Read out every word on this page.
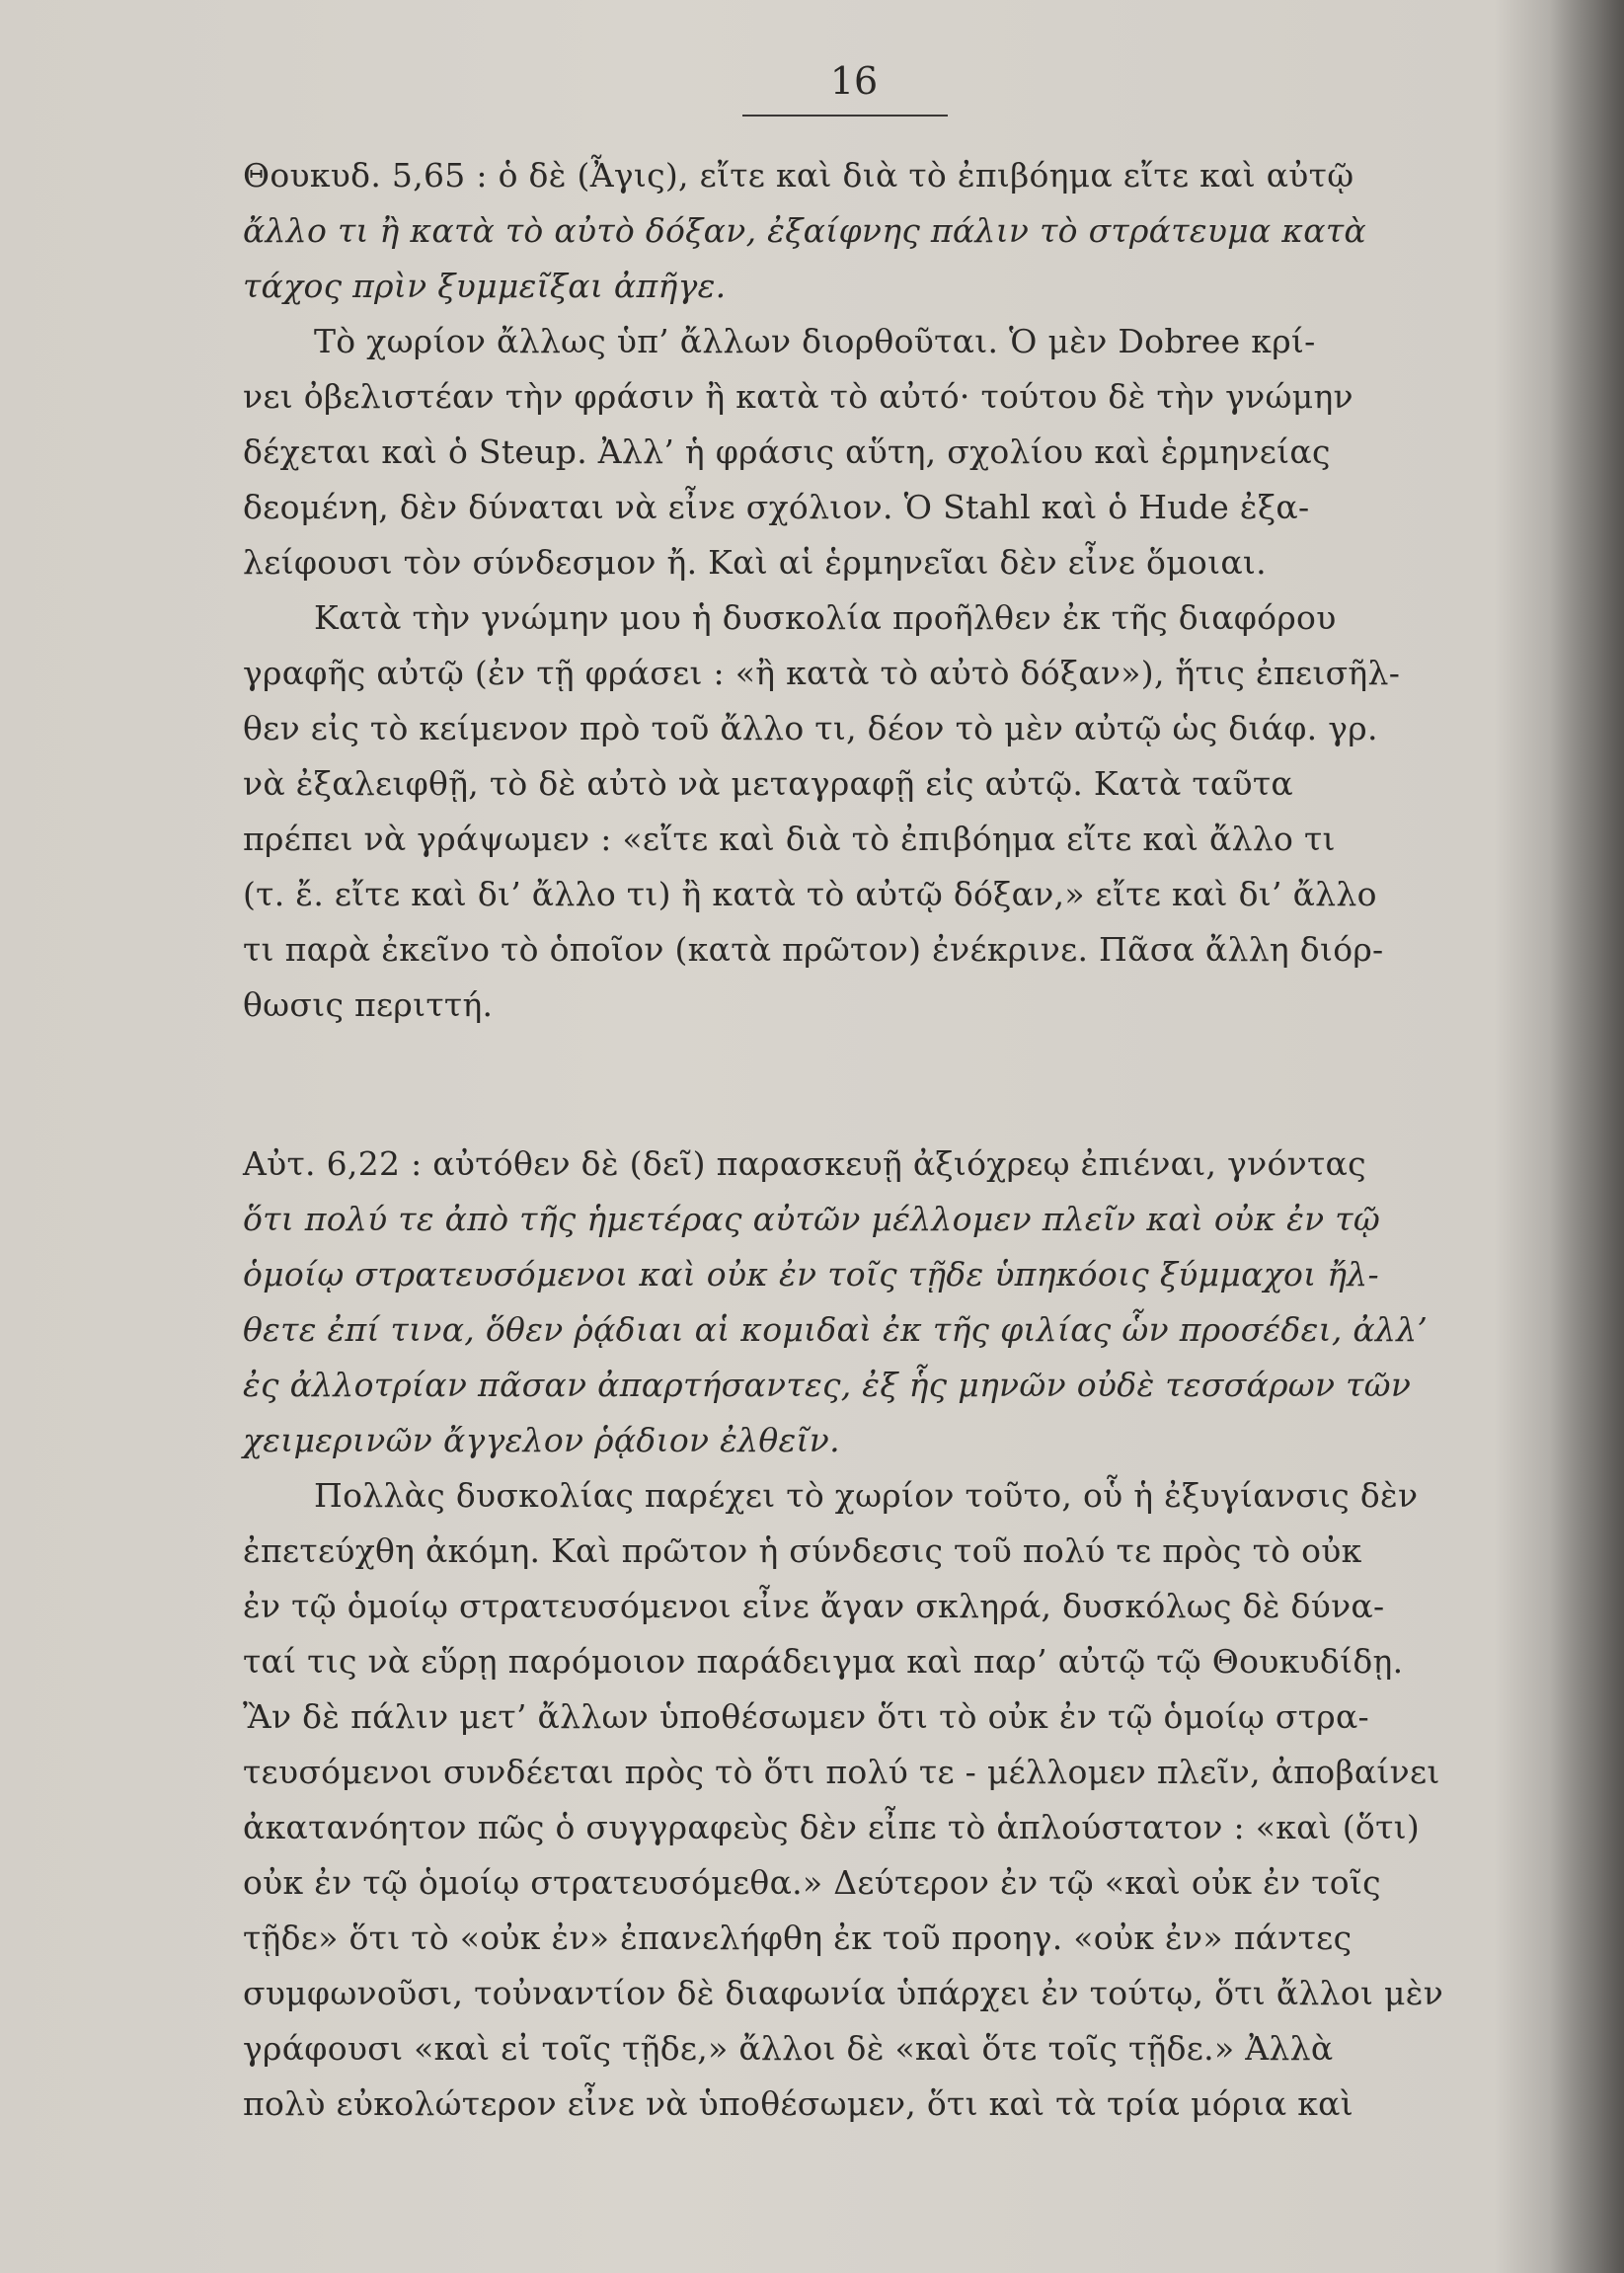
16
Θουκυδ. 5,65 : ὁ δὲ (Ἆγις), εἴτε καὶ διὰ τὸ ἐπιβόημα εἴτε καὶ αὐτῷ
ἄλλο τι ἢ κατὰ τὸ αὐτὸ δόξαν, ἐξαίφνης πάλιν τὸ στράτευμα κατὰ
τάχος πρὶν ξυμμεῖξαι ἀπῆγε.
Τὸ χωρίον ἄλλως ὑπ’ ἄλλων διορθοῦται. Ὁ μὲν Dobree κρί-
νει ὀβελιστέαν τὴν φράσιν ἢ κατὰ τὸ αὐτό· τούτου δὲ τὴν γνώμην
δέχεται καὶ ὁ Steup. Ἀλλ’ ἡ φράσις αὕτη, σχολίου καὶ ἑρμηνείας
δεομένη, δὲν δύναται νὰ εἶνε σχόλιον. Ὁ Stahl καὶ ὁ Hude ἐξα-
λείφουσι τὸν σύνδεσμον ἤ. Καὶ αἱ ἑρμηνεῖαι δὲν εἶνε ὅμοιαι.
Κατὰ τὴν γνώμην μου ἡ δυσκολία προῆλθεν ἐκ τῆς διαφόρου
γραφῆς αὐτῷ (ἐν τῇ φράσει : «ἢ κατὰ τὸ αὐτὸ δόξαν»), ἥτις ἐπεισῆλ-
θεν εἰς τὸ κείμενον πρὸ τοῦ ἄλλο τι, δέον τὸ μὲν αὐτῷ ὡς διάφ. γρ.
νὰ ἐξαλειφθῇ, τὸ δὲ αὐτὸ νὰ μεταγραφῇ εἰς αὐτῷ. Κατὰ ταῦτα
πρέπει νὰ γράψωμεν : «εἴτε καὶ διὰ τὸ ἐπιβόημα εἴτε καὶ ἄλλο τι
(τ. ἔ. εἴτε καὶ δι’ ἄλλο τι) ἢ κατὰ τὸ αὐτῷ δόξαν,» εἴτε καὶ δι’ ἄλλο
τι παρὰ ἐκεῖνο τὸ ὁποῖον (κατὰ πρῶτον) ἐνέκρινε. Πᾶσα ἄλλη διόρ-
θωσις περιττή.
Αὐτ. 6,22 : αὐτόθεν δὲ (δεῖ) παρασκευῇ ἀξιόχρεῳ ἐπιέναι, γνόντας
ὅτι πολύ τε ἀπὸ τῆς ἡμετέρας αὐτῶν μέλλομεν πλεῖν καὶ οὐκ ἐν τῷ
ὁμοίῳ στρατευσόμενοι καὶ οὐκ ἐν τοῖς τῇδε ὑπηκόοις ξύμμαχοι ἤλ-
θετε ἐπί τινα, ὅθεν ῥᾴδιαι αἱ κομιδαὶ ἐκ τῆς φιλίας ὧν προσέδει, ἀλλ’
ἐς ἀλλοτρίαν πᾶσαν ἀπαρτήσαντες, ἐξ ἧς μηνῶν οὐδὲ τεσσάρων τῶν
χειμερινῶν ἄγγελον ῥᾴδιον ἐλθεῖν.
Πολλὰς δυσκολίας παρέχει τὸ χωρίον τοῦτο, οὗ ἡ ἐξυγίανσις δὲν
ἐπετεύχθη ἀκόμη. Καὶ πρῶτον ἡ σύνδεσις τοῦ πολύ τε πρὸς τὸ οὐκ
ἐν τῷ ὁμοίῳ στρατευσόμενοι εἶνε ἄγαν σκληρά, δυσκόλως δὲ δύνα-
ταί τις νὰ εὕρῃ παρόμοιον παράδειγμα καὶ παρ’ αὐτῷ τῷ Θουκυδίδῃ.
Ἂν δὲ πάλιν μετ’ ἄλλων ὑποθέσωμεν ὅτι τὸ οὐκ ἐν τῷ ὁμοίῳ στρα-
τευσόμενοι συνδέεται πρὸς τὸ ὅτι πολύ τε - μέλλομεν πλεῖν, ἀποβαίνει
ἀκατανόητον πῶς ὁ συγγραφεὺς δὲν εἶπε τὸ ἁπλούστατον : «καὶ (ὅτι)
οὐκ ἐν τῷ ὁμοίῳ στρατευσόμεθα.» Δεύτερον ἐν τῷ «καὶ οὐκ ἐν τοῖς
τῇδε» ὅτι τὸ «οὐκ ἐν» ἐπανελήφθη ἐκ τοῦ προηγ. «οὐκ ἐν» πάντες
συμφωνοῦσι, τοὐναντίον δὲ διαφωνία ὑπάρχει ἐν τούτῳ, ὅτι ἄλλοι μὲν
γράφουσι «καὶ εἰ τοῖς τῇδε,» ἄλλοι δὲ «καὶ ὅτε τοῖς τῇδε.» Ἀλλὰ
πολὺ εὐκολώτερον εἶνε νὰ ὑποθέσωμεν, ὅτι καὶ τὰ τρία μόρια καὶ
